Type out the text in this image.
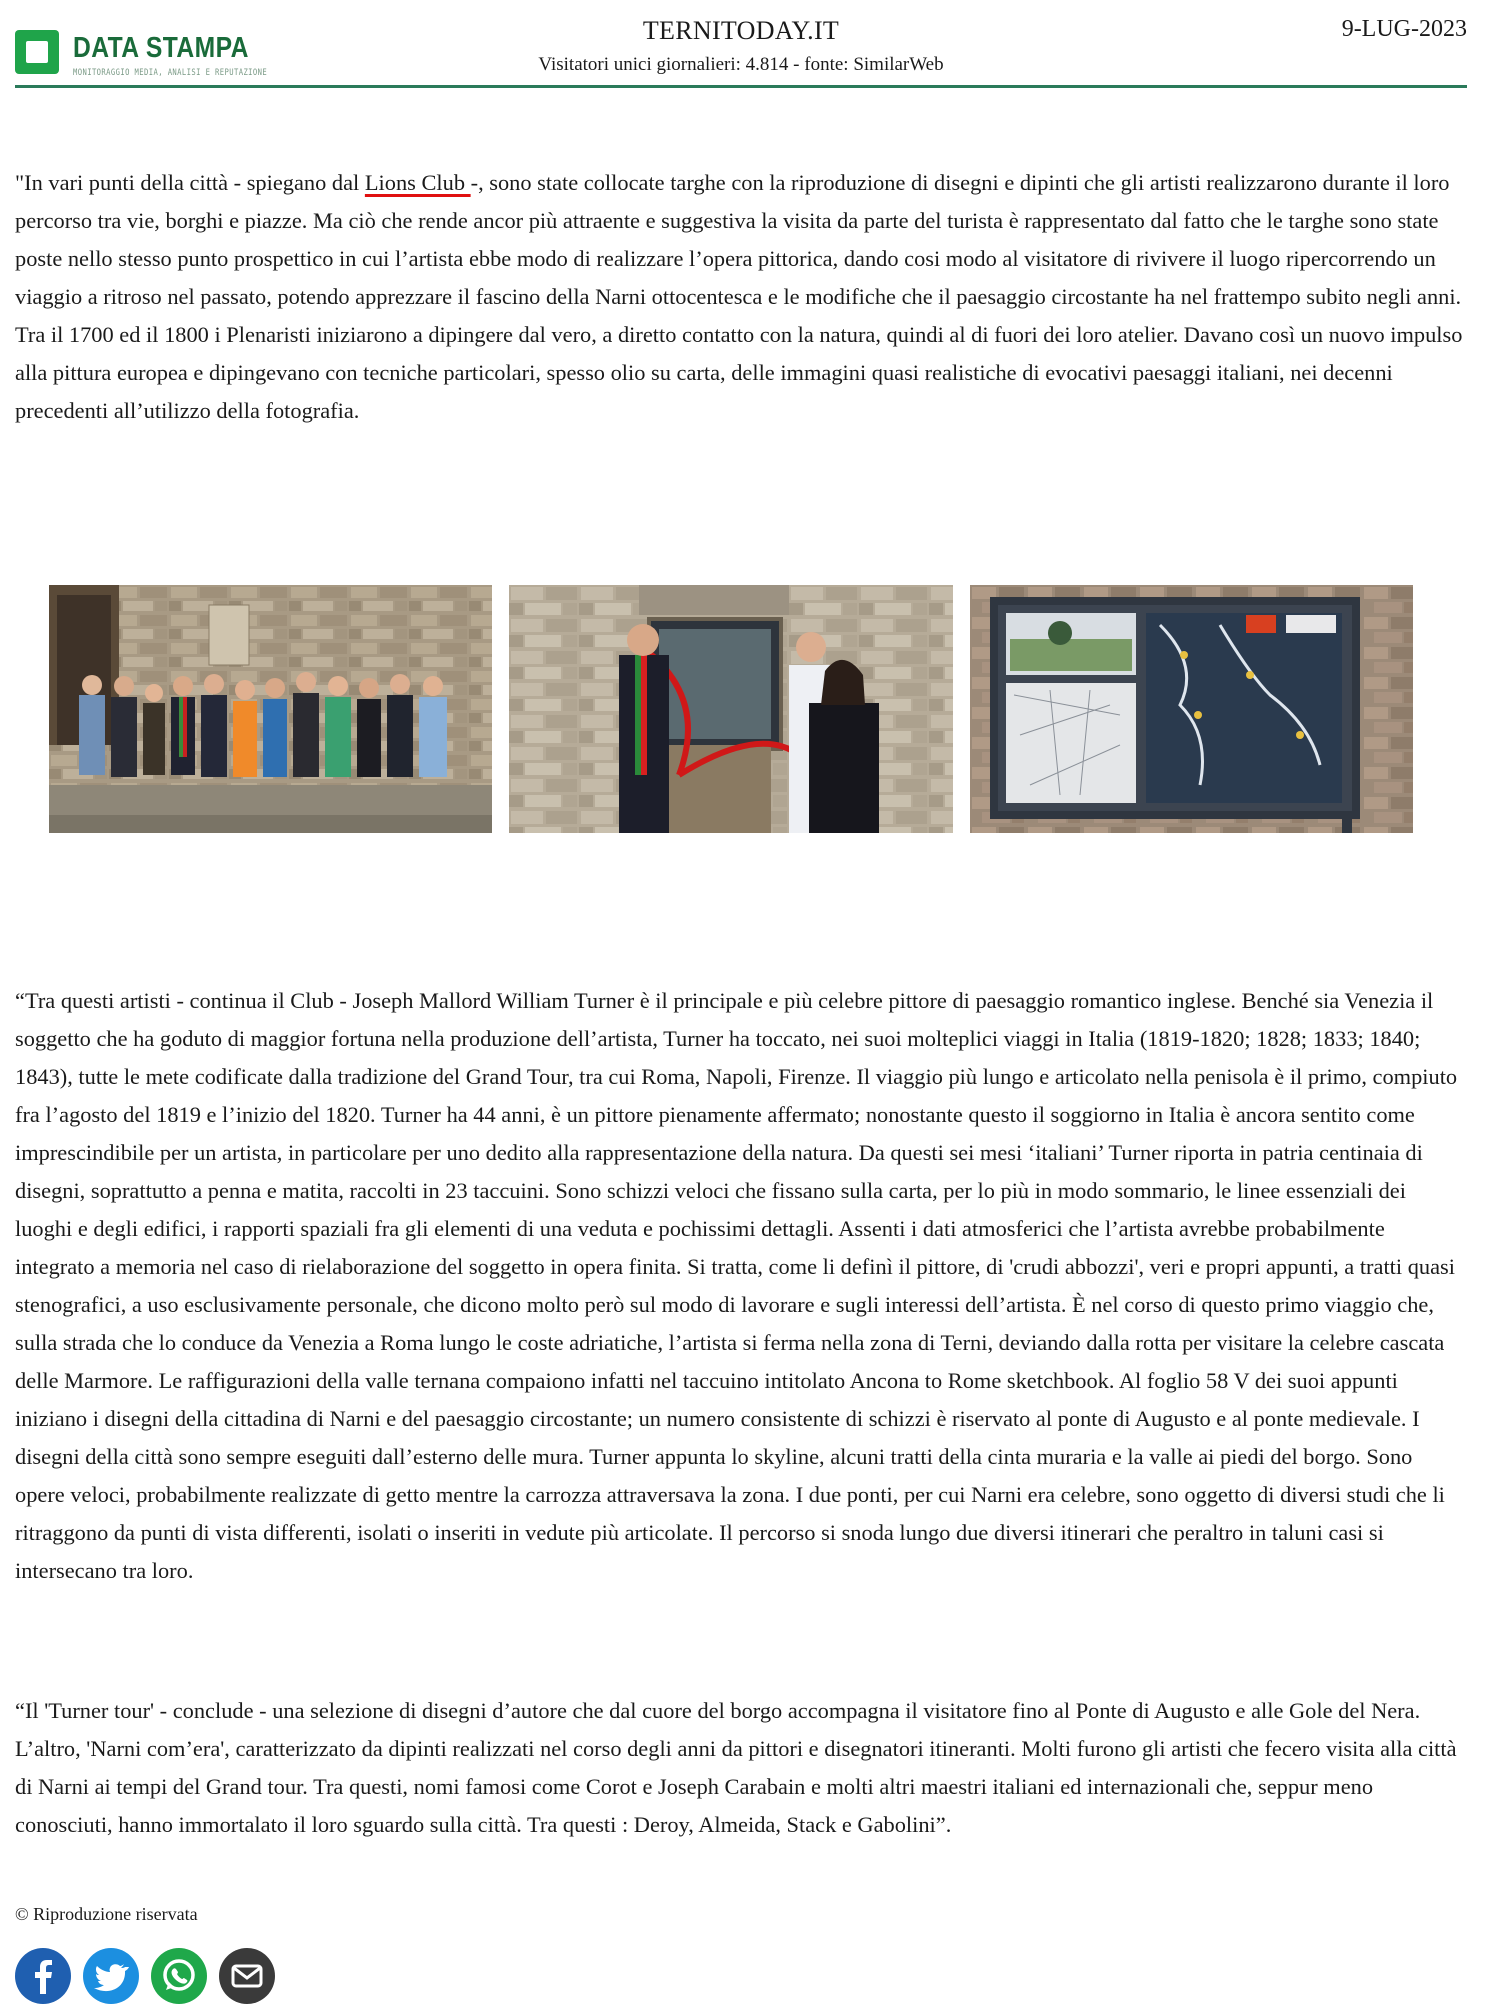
DATA STAMPA
MONITORAGGIO MEDIA, ANALISI E REPUTAZIONE
TERNITODAY.IT
Visitatori unici giornalieri: 4.814 - fonte: SimilarWeb
9-LUG-2023

"In vari punti della città - spiegano dal Lions Club -, sono state collocate targhe con la riproduzione di disegni e dipinti che gli artisti realizzarono durante il loro percorso tra vie, borghi e piazze. Ma ciò che rende ancor più attraente e suggestiva la visita da parte del turista è rappresentato dal fatto che le targhe sono state poste nello stesso punto prospettico in cui l’artista ebbe modo di realizzare l’opera pittorica, dando cosi modo al visitatore di rivivere il luogo ripercorrendo un viaggio a ritroso nel passato, potendo apprezzare il fascino della Narni ottocentesca e le modifiche che il paesaggio circostante ha nel frattempo subito negli anni. Tra il 1700 ed il 1800 i Plenaristi iniziarono a dipingere dal vero, a diretto contatto con la natura, quindi al di fuori dei loro atelier. Davano così un nuovo impulso alla pittura europea e dipingevano con tecniche particolari, spesso olio su carta, delle immagini quasi realistiche di evocativi paesaggi italiani, nei decenni precedenti all’utilizzo della fotografia.

“Tra questi artisti - continua il Club - Joseph Mallord William Turner è il principale e più celebre pittore di paesaggio romantico inglese. Benché sia Venezia il soggetto che ha goduto di maggior fortuna nella produzione dell’artista, Turner ha toccato, nei suoi molteplici viaggi in Italia (1819-1820; 1828; 1833; 1840; 1843), tutte le mete codificate dalla tradizione del Grand Tour, tra cui Roma, Napoli, Firenze. Il viaggio più lungo e articolato nella penisola è il primo, compiuto fra l’agosto del 1819 e l’inizio del 1820. Turner ha 44 anni, è un pittore pienamente affermato; nonostante questo il soggiorno in Italia è ancora sentito come imprescindibile per un artista, in particolare per uno dedito alla rappresentazione della natura. Da questi sei mesi ‘italiani’ Turner riporta in patria centinaia di disegni, soprattutto a penna e matita, raccolti in 23 taccuini. Sono schizzi veloci che fissano sulla carta, per lo più in modo sommario, le linee essenziali dei luoghi e degli edifici, i rapporti spaziali fra gli elementi di una veduta e pochissimi dettagli. Assenti i dati atmosferici che l’artista avrebbe probabilmente integrato a memoria nel caso di rielaborazione del soggetto in opera finita. Si tratta, come li definì il pittore, di 'crudi abbozzi', veri e propri appunti, a tratti quasi stenografici, a uso esclusivamente personale, che dicono molto però sul modo di lavorare e sugli interessi dell’artista. È nel corso di questo primo viaggio che, sulla strada che lo conduce da Venezia a Roma lungo le coste adriatiche, l’artista si ferma nella zona di Terni, deviando dalla rotta per visitare la celebre cascata delle Marmore. Le raffigurazioni della valle ternana compaiono infatti nel taccuino intitolato Ancona to Rome sketchbook. Al foglio 58 V dei suoi appunti iniziano i disegni della cittadina di Narni e del paesaggio circostante; un numero consistente di schizzi è riservato al ponte di Augusto e al ponte medievale. I disegni della città sono sempre eseguiti dall’esterno delle mura. Turner appunta lo skyline, alcuni tratti della cinta muraria e la valle ai piedi del borgo. Sono opere veloci, probabilmente realizzate di getto mentre la carrozza attraversava la zona. I due ponti, per cui Narni era celebre, sono oggetto di diversi studi che li ritraggono da punti di vista differenti, isolati o inseriti in vedute più articolate. Il percorso si snoda lungo due diversi itinerari che peraltro in taluni casi si intersecano tra loro.

“Il 'Turner tour' - conclude - una selezione di disegni d’autore che dal cuore del borgo accompagna il visitatore fino al Ponte di Augusto e alle Gole del Nera. L’altro, 'Narni com’era', caratterizzato da dipinti realizzati nel corso degli anni da pittori e disegnatori itineranti. Molti furono gli artisti che fecero visita alla città di Narni ai tempi del Grand tour. Tra questi, nomi famosi come Corot e Joseph Carabain e molti altri maestri italiani ed internazionali che, seppur meno conosciuti, hanno immortalato il loro sguardo sulla città. Tra questi : Deroy, Almeida, Stack e Gabolini”.

© Riproduzione riservata
